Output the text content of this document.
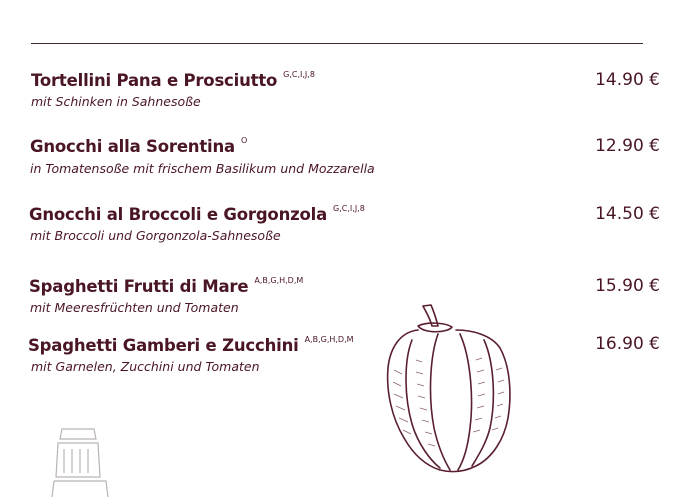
Tortellini Pana e Prosciutto $^{G,C,I,J,8}$
mit Schinken in Sahnesoße
14.90 €
Gnocchi alla Sorentina $^O$
in Tomatensoße mit frischem Basilikum und Mozzarella
12.90 €
Gnocchi al Broccoli e Gorgonzola $^{G,C,I,J,8}$
mit Broccoli und Gorgonzola-Sahnesoße
14.50 €
Spaghetti Frutti di Mare $^{A,B,G,H,D,M}$
mit Meeresfrüchten und Tomaten
15.90 €
Spaghetti Gamberi e Zucchini $^{A,B,G,H,D,M}$
mit Garnelen, Zucchini und Tomaten
16.90 €
